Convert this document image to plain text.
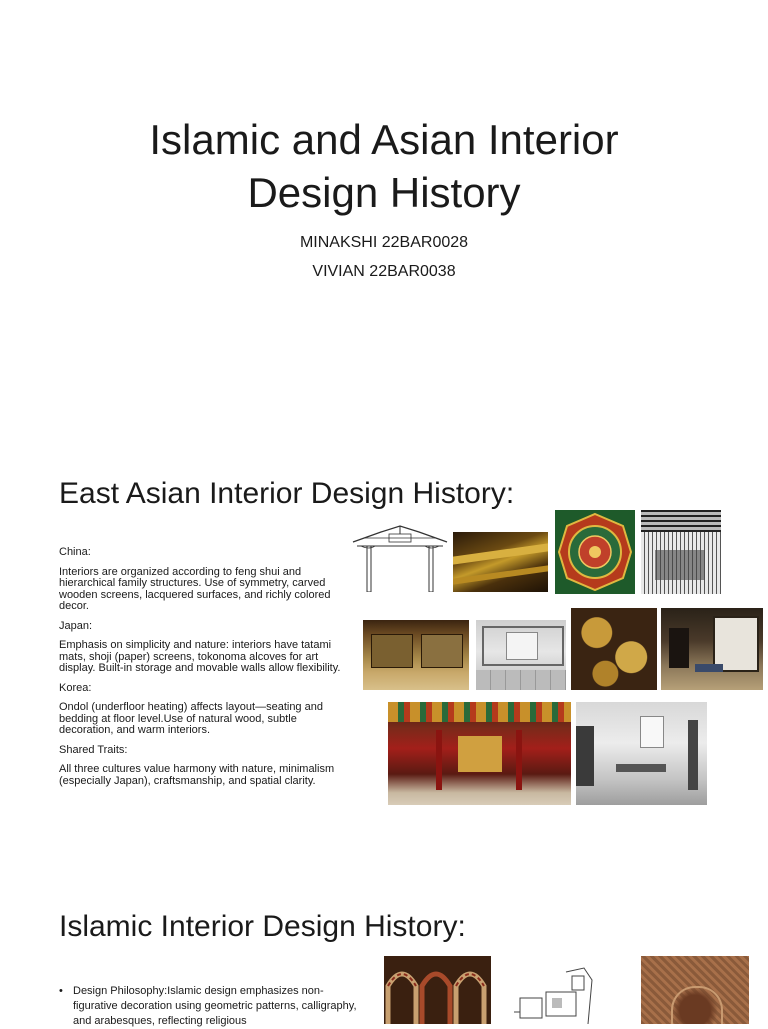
Islamic and Asian Interior
Design History
MINAKSHI 22BAR0028
VIVIAN 22BAR0038
East Asian Interior Design History:

China:

Interiors are organized according to feng shui and hierarchical family structures. Use of symmetry, carved wooden screens, lacquered surfaces, and richly colored decor.

Japan:

Emphasis on simplicity and nature: interiors have tatami mats, shoji (paper) screens, tokonoma alcoves for art display. Built-in storage and movable walls allow flexibility.

Korea:

Ondol (underfloor heating) affects layout—seating and bedding at floor level.Use of natural wood, subtle decoration, and warm interiors.

Shared Traits:

All three cultures value harmony with nature, minimalism (especially Japan), craftsmanship, and spatial clarity.

Islamic Interior Design History:
• Design Philosophy:Islamic design emphasizes non-figurative decoration using geometric patterns, calligraphy, and arabesques, reflecting religious
